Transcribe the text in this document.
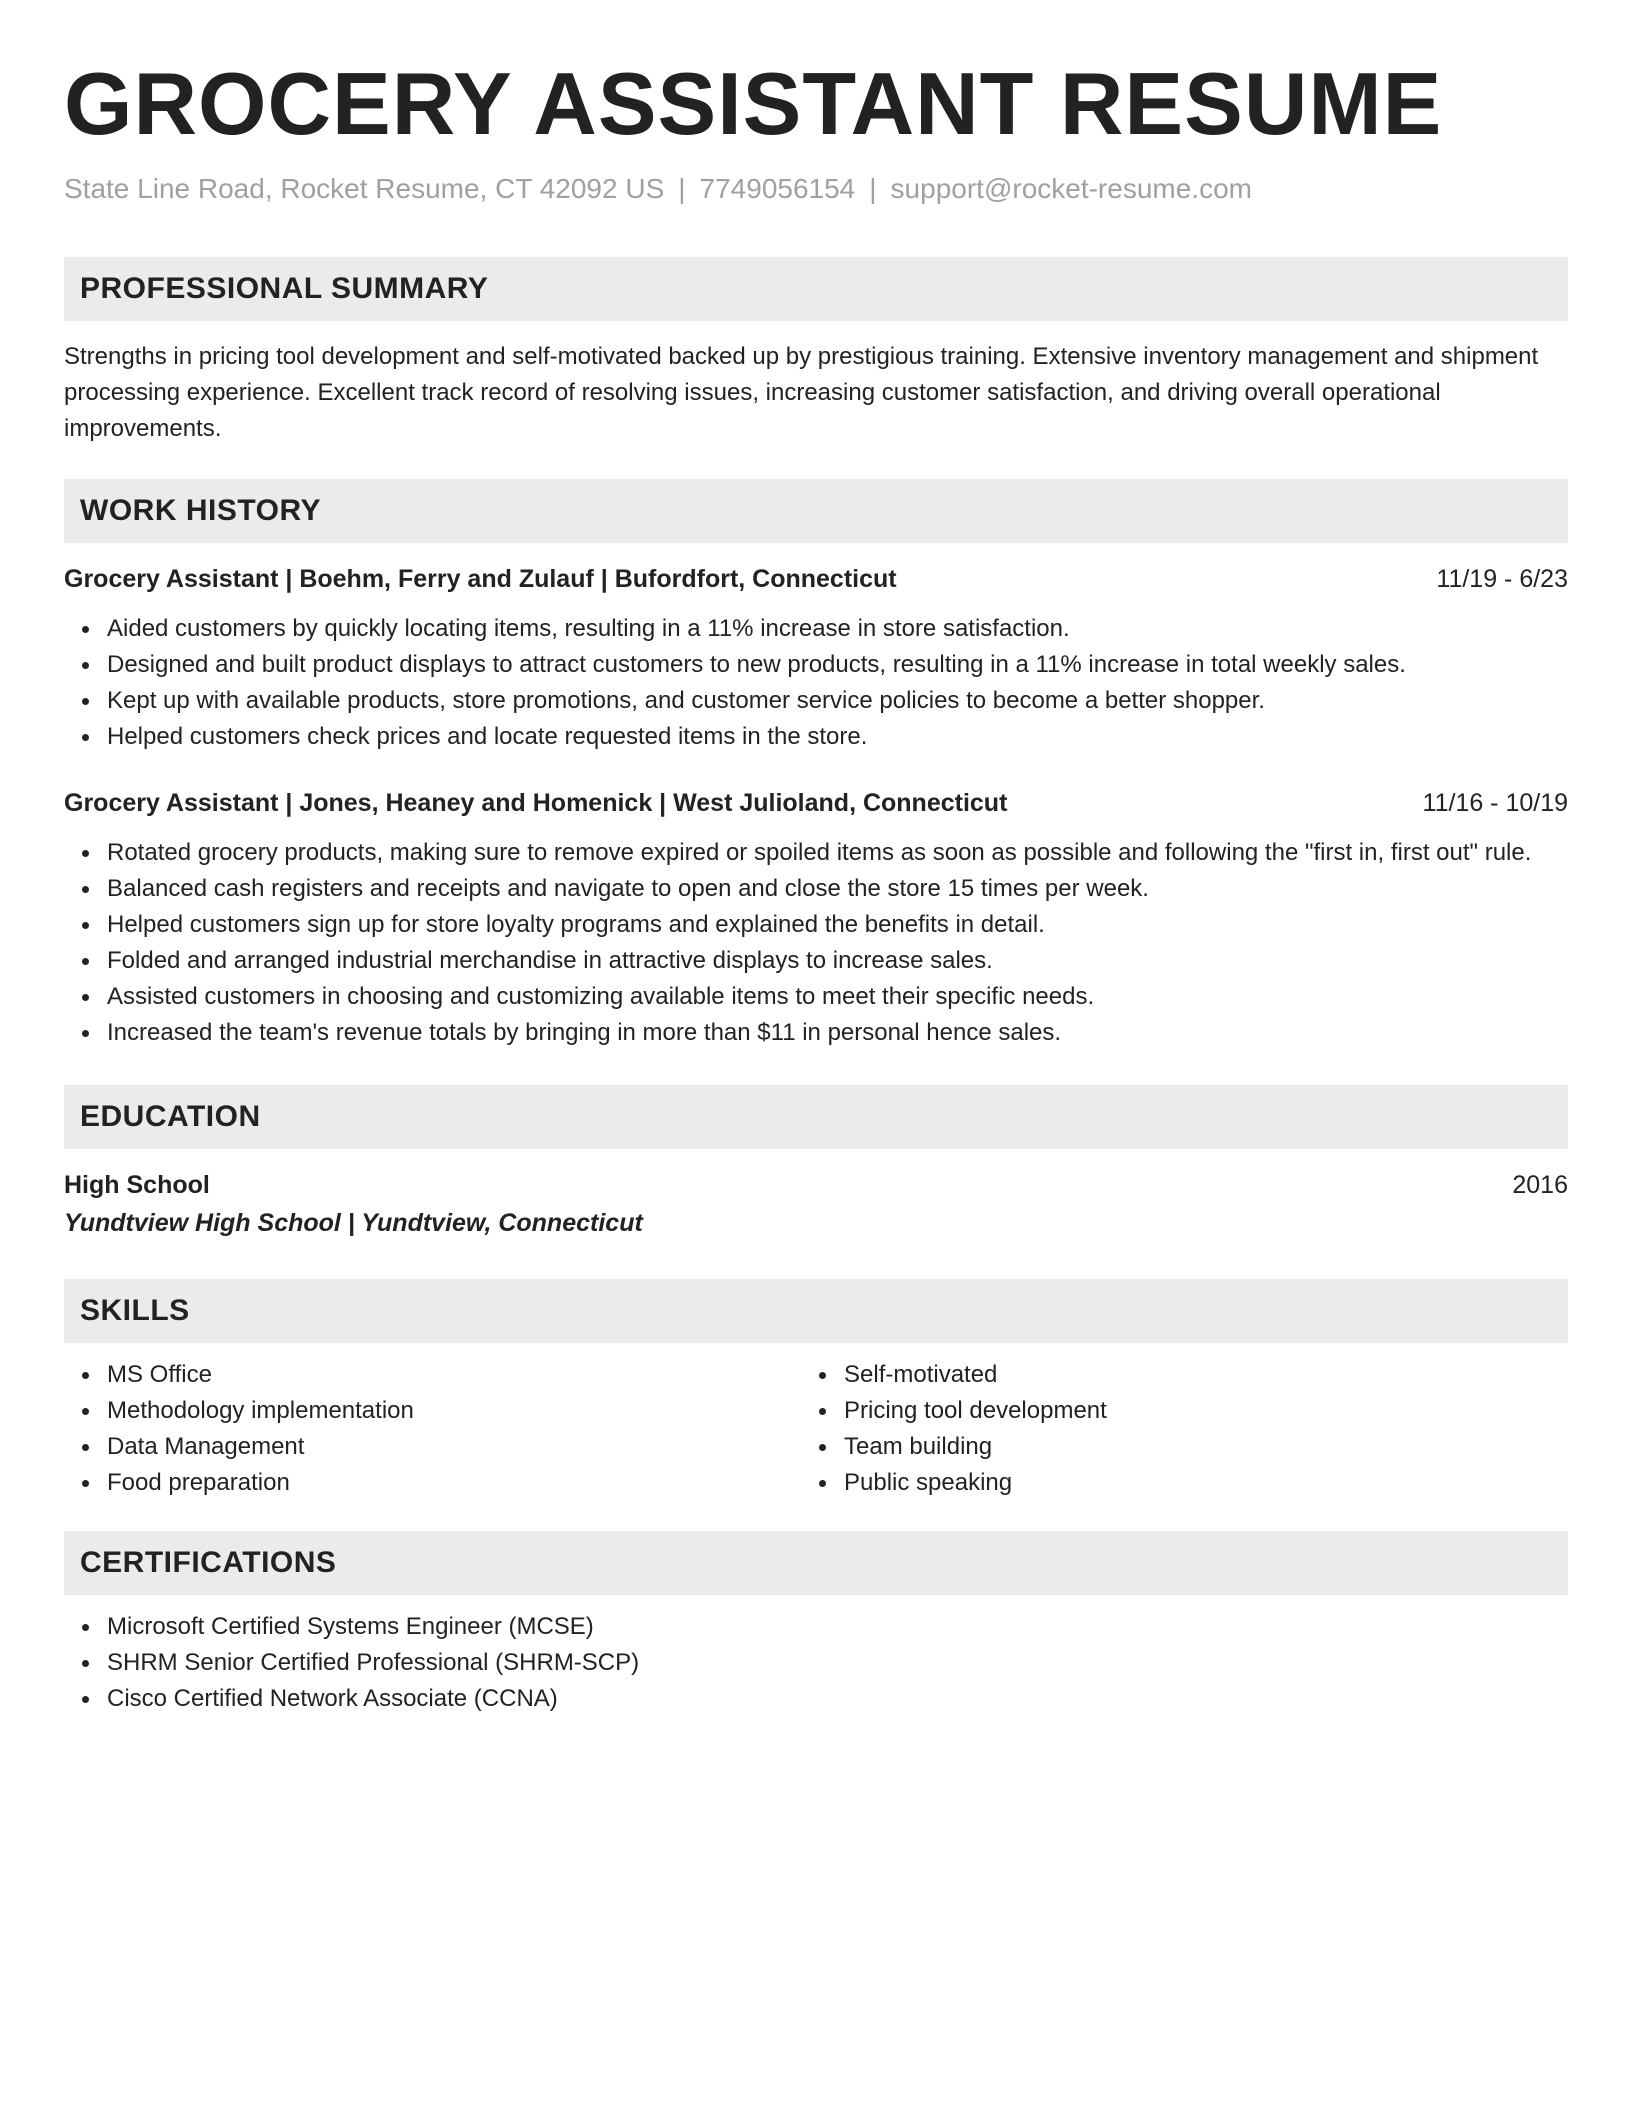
GROCERY ASSISTANT RESUME
State Line Road, Rocket Resume, CT 42092 US | 7749056154 | support@rocket-resume.com
PROFESSIONAL SUMMARY

Strengths in pricing tool development and self-motivated backed up by prestigious training. Extensive inventory management and shipment processing experience. Excellent track record of resolving issues, increasing customer satisfaction, and driving overall operational improvements.

WORK HISTORY
Grocery Assistant | Boehm, Ferry and Zulauf | Bufordfort, Connecticut	11/19 - 6/23
Aided customers by quickly locating items, resulting in a 11% increase in store satisfaction.
Designed and built product displays to attract customers to new products, resulting in a 11% increase in total weekly sales.
Kept up with available products, store promotions, and customer service policies to become a better shopper.
Helped customers check prices and locate requested items in the store.
Grocery Assistant | Jones, Heaney and Homenick | West Julioland, Connecticut	11/16 - 10/19
Rotated grocery products, making sure to remove expired or spoiled items as soon as possible and following the "first in, first out" rule.
Balanced cash registers and receipts and navigate to open and close the store 15 times per week.
Helped customers sign up for store loyalty programs and explained the benefits in detail.
Folded and arranged industrial merchandise in attractive displays to increase sales.
Assisted customers in choosing and customizing available items to meet their specific needs.
Increased the team's revenue totals by bringing in more than $11 in personal hence sales.
EDUCATION
High School	2016
Yundtview High School | Yundtview, Connecticut
SKILLS
MS Office
Methodology implementation
Data Management
Food preparation
Self-motivated
Pricing tool development
Team building
Public speaking
CERTIFICATIONS
Microsoft Certified Systems Engineer (MCSE)
SHRM Senior Certified Professional (SHRM-SCP)
Cisco Certified Network Associate (CCNA)
